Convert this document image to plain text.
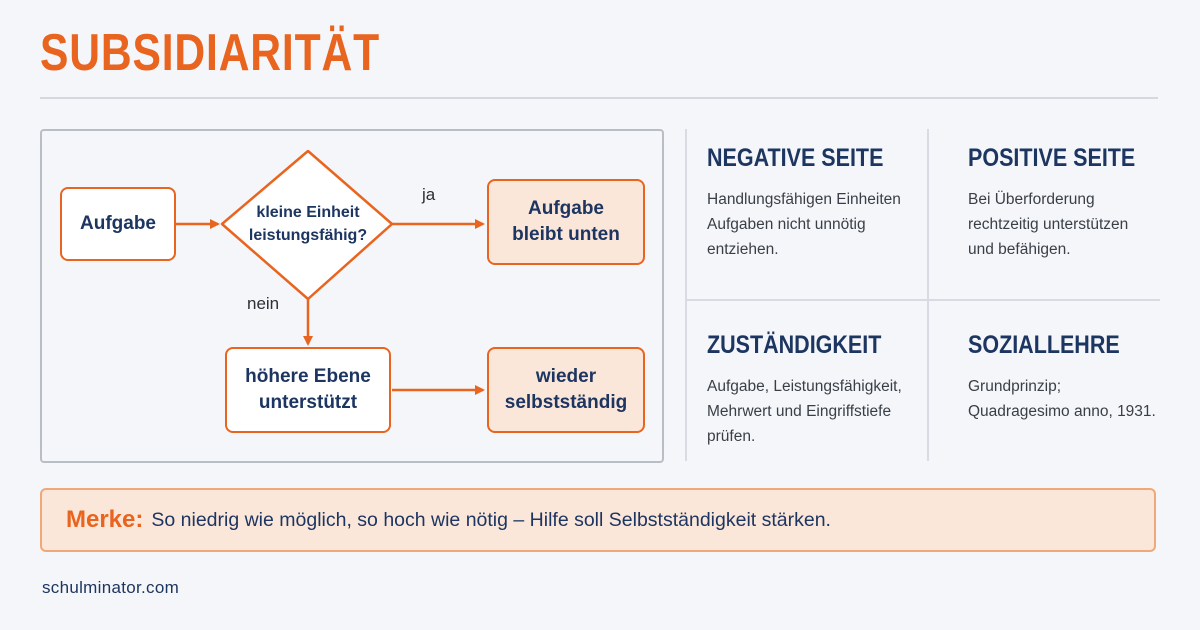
SUBSIDIARITÄT
Aufgabe
kleine Einheit leistungsfähig?
ja
nein
Aufgabe bleibt unten
höhere Ebene unterstützt
wieder selbstständig
NEGATIVE SEITE

Handlungsfähigen Einheiten Aufgaben nicht unnötig entziehen.

POSITIVE SEITE

Bei Überforderung rechtzeitig unterstützen und befähigen.

ZUSTÄNDIGKEIT

Aufgabe, Leistungsfähigkeit, Mehrwert und Eingriffstiefe prüfen.

SOZIALLEHRE

Grundprinzip; Quadragesimo anno, 1931.

Merke: So niedrig wie möglich, so hoch wie nötig – Hilfe soll Selbstständigkeit stärken.
schulminator.com
